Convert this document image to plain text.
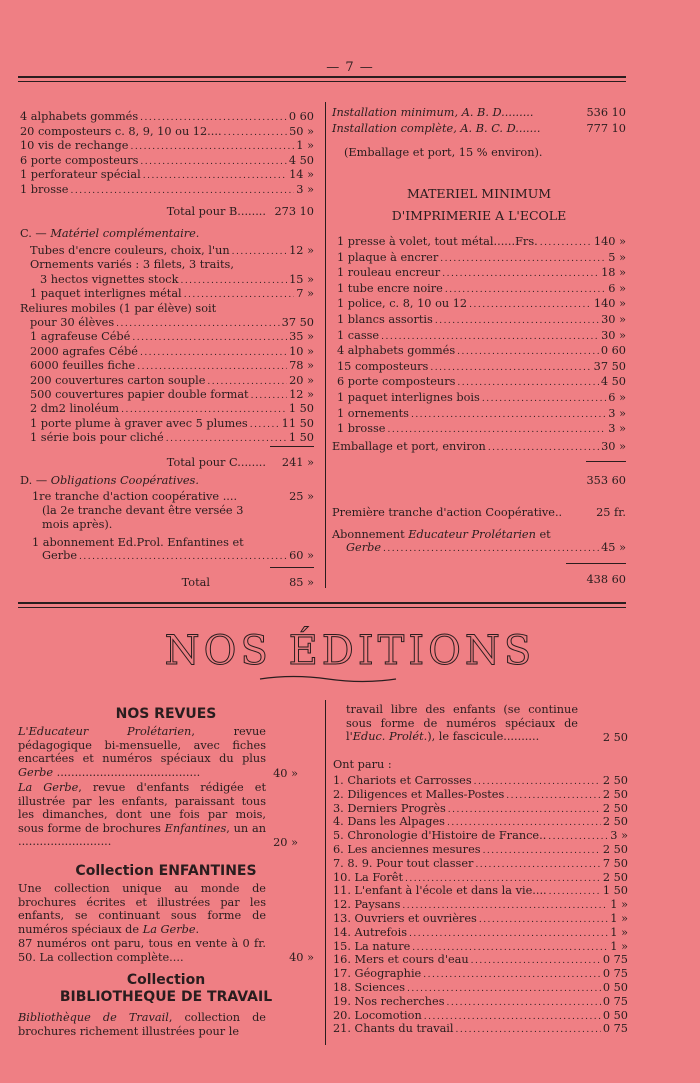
— 7 —
4 alphabets gommés .....	0 60
20 composteurs c. 8, 9, 10 ou 12.... .....	50 »
10 vis de rechange .....	1 »
6 porte composteurs .....	4 50
1 perforateur spécial .....	14 »
1 brosse .....	3 »
Total pour B........ 273 10
C. — Matériel complémentaire.
Tubes d'encre couleurs, choix, l'un .....	12 »
Ornements variés : 3 filets, 3 traits,
3 hectos vignettes stock .....	15 »
1 paquet interlignes métal .....	7 »
Reliures mobiles (1 par élève) soit
pour 30 élèves .....	37 50
1 agrafeuse Cébé .....	35 »
2000 agrafes Cébé .....	10 »
6000 feuilles fiche .....	78 »
200 couvertures carton souple .....	20 »
500 couvertures papier double format .....	12 »
2 dm2 linoléum .....	1 50
1 porte plume à graver avec 5 plumes .....	11 50
1 série bois pour cliché .....	1 50
Total pour C........	241 »
D. — Obligations Coopératives.
1re tranche d'action coopérative ....	25 »
(la 2e tranche devant être versée 3
mois après).
1 abonnement Ed.Prol. Enfantines et
Gerbe .....	60 »
Total	85 »
Installation minimum, A. B. D.........	536 10
Installation complète, A. B. C. D.......	777 10
(Emballage et port, 15 % environ).
MATERIEL MINIMUM
D'IMPRIMERIE A L'ECOLE
1 presse à volet, tout métal......Frs. .....	140 »
1 plaque à encrer .....	5 »
1 rouleau encreur .....	18 »
1 tube encre noire .....	6 »
1 police, c. 8, 10 ou 12 .....	140 »
1 blancs assortis .....	30 »
1 casse .....	30 »
4 alphabets gommés .....	0 60
15 composteurs .....	37 50
6 porte composteurs .....	4 50
1 paquet interlignes bois .....	6 »
1 ornements .....	3 »
1 brosse .....	3 »
Emballage et port, environ .....	30 »
353 60
Première tranche d'action Coopérative..	25 fr.
Abonnement Educateur Prolétarien et
Gerbe .....	45 »
438 60
NOS ÉDITIONS
NOS REVUES
L'Educateur Prolétarien, revue pédagogique bi-mensuelle, avec fiches encartées et numéros spéciaux du plus Gerbe ........................................	40 »
La Gerbe, revue d'enfants rédigée et illustrée par les enfants, paraissant tous les dimanches, dont une fois par mois, sous forme de brochures Enfantines, un an ..........................	20 »
Collection ENFANTINES
Une collection unique au monde de brochures écrites et illustrées par les enfants, se continuant sous forme de numéros spéciaux de La Gerbe.
87 numéros ont paru, tous en vente à 0 fr. 50. La collection complète....	40 »
Collection
BIBLIOTHEQUE DE TRAVAIL
Bibliothèque de Travail, collection de brochures richement illustrées pour le
travail libre des enfants (se continue sous forme de numéros spéciaux de l'Educ. Prolét.), le fascicule..........	2 50
Ont paru :
1. Chariots et Carrosses .....	2 50
2. Diligences et Malles-Postes .....	2 50
3. Derniers Progrès .....	2 50
4. Dans les Alpages .....	2 50
5. Chronologie d'Histoire de France.. .....	3 »
6. Les anciennes mesures .....	2 50
7. 8. 9. Pour tout classer .....	7 50
10. La Forêt .....	2 50
11. L'enfant à l'école et dans la vie.... .....	1 50
12. Paysans .....	1 »
13. Ouvriers et ouvrières .....	1 »
14. Autrefois .....	1 »
15. La nature .....	1 »
16. Mers et cours d'eau .....	0 75
17. Géographie .....	0 75
18. Sciences .....	0 50
19. Nos recherches .....	0 75
20. Locomotion .....	0 50
21. Chants du travail .....	0 75
